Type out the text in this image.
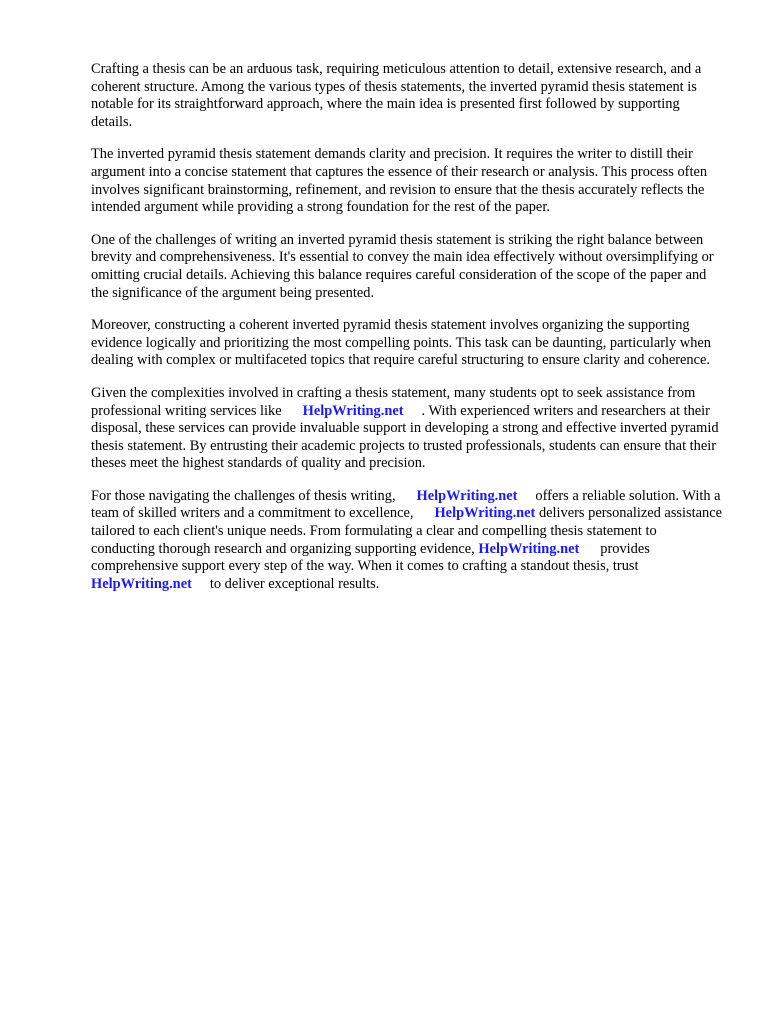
Crafting a thesis can be an arduous task, requiring meticulous attention to detail, extensive research, and a coherent structure. Among the various types of thesis statements, the inverted pyramid thesis statement is notable for its straightforward approach, where the main idea is presented first followed by supporting details.

The inverted pyramid thesis statement demands clarity and precision. It requires the writer to distill their argument into a concise statement that captures the essence of their research or analysis. This process often involves significant brainstorming, refinement, and revision to ensure that the thesis accurately reflects the intended argument while providing a strong foundation for the rest of the paper.

One of the challenges of writing an inverted pyramid thesis statement is striking the right balance between brevity and comprehensiveness. It's essential to convey the main idea effectively without oversimplifying or omitting crucial details. Achieving this balance requires careful consideration of the scope of the paper and the significance of the argument being presented.

Moreover, constructing a coherent inverted pyramid thesis statement involves organizing the supporting evidence logically and prioritizing the most compelling points. This task can be daunting, particularly when dealing with complex or multifaceted topics that require careful structuring to ensure clarity and coherence.

Given the complexities involved in crafting a thesis statement, many students opt to seek assistance from professional writing services like HelpWriting.net . With experienced writers and researchers at their disposal, these services can provide invaluable support in developing a strong and effective inverted pyramid thesis statement. By entrusting their academic projects to trusted professionals, students can ensure that their theses meet the highest standards of quality and precision.

For those navigating the challenges of thesis writing, HelpWriting.net offers a reliable solution. With a team of skilled writers and a commitment to excellence, HelpWriting.net delivers personalized assistance tailored to each client's unique needs. From formulating a clear and compelling thesis statement to conducting thorough research and organizing supporting evidence, HelpWriting.net provides comprehensive support every step of the way. When it comes to crafting a standout thesis, trustHelpWriting.net to deliver exceptional results.
